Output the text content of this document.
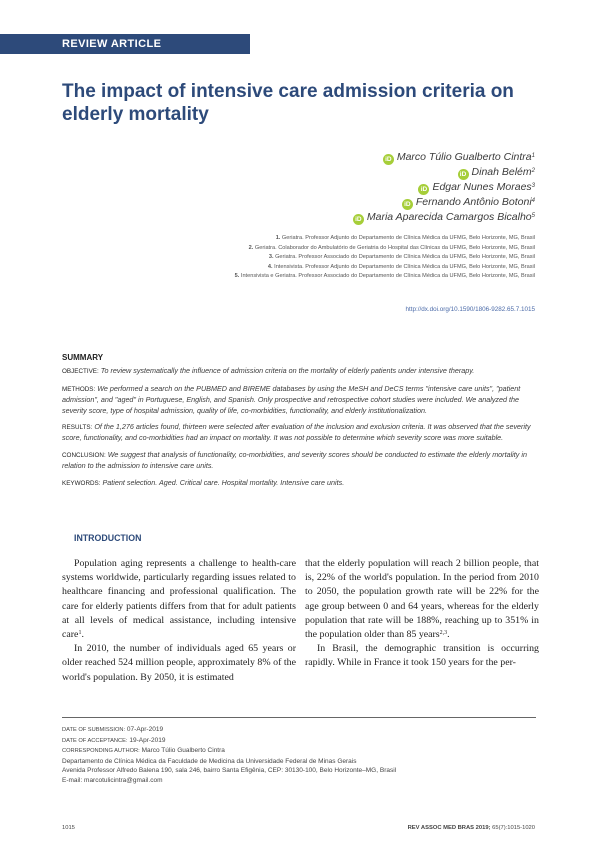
REVIEW ARTICLE
The impact of intensive care admission criteria on elderly mortality
iD Marco Túlio Gualberto Cintra$^1$
iD Dinah Belém$^2$
iD Edgar Nunes Moraes$^3$
iD Fernando Antônio Botoni$^4$
iD Maria Aparecida Camargos Bicalho$^5$
1. Geriatra. Professor Adjunto do Departamento de Clínica Médica da UFMG, Belo Horizonte, MG, Brasil
2. Geriatra. Colaborador do Ambulatório de Geriatria do Hospital das Clínicas da UFMG, Belo Horizonte, MG, Brasil
3. Geriatra. Professor Associado do Departamento de Clínica Médica da UFMG, Belo Horizonte, MG, Brasil
4. Intensivista. Professor Adjunto do Departamento de Clínica Médica da UFMG, Belo Horizonte, MG, Brasil
5. Intensivista e Geriatra. Professor Associado do Departamento de Clínica Médica da UFMG, Belo Horizonte, MG, Brasil
http://dx.doi.org/10.1590/1806-9282.65.7.1015
SUMMARY
OBJECTIVE: To review systematically the influence of admission criteria on the mortality of elderly patients under intensive therapy.
METHODS: We performed a search on the PUBMED and BIREME databases by using the MeSH and DeCS terms "intensive care units", "patient admission", and "aged" in Portuguese, English, and Spanish. Only prospective and retrospective cohort studies were included. We analyzed the severity score, type of hospital admission, quality of life, co-morbidities, functionality, and elderly institutionalization.
RESULTS: Of the 1,276 articles found, thirteen were selected after evaluation of the inclusion and exclusion criteria. It was observed that the severity score, functionality, and co-morbidities had an impact on mortality. It was not possible to determine which severity score was more suitable.
CONCLUSION: We suggest that analysis of functionality, co-morbidities, and severity scores should be conducted to estimate the elderly mortality in relation to the admission to intensive care units.
KEYWORDS: Patient selection. Aged. Critical care. Hospital mortality. Intensive care units.
INTRODUCTION

Population aging represents a challenge to health-care systems worldwide, particularly regarding issues related to healthcare financing and professional qualification. The care for elderly patients differs from that for adult patients at all levels of medical assistance, including intensive care$^1$.

In 2010, the number of individuals aged 65 years or older reached 524 million people, approximately 8% of the world's population. By 2050, it is estimated

that the elderly population will reach 2 billion people, that is, 22% of the world's population. In the period from 2010 to 2050, the population growth rate will be 22% for the age group between 0 and 64 years, whereas for the elderly population that rate will be 188%, reaching up to 351% in the population older than 85 years$^{2,3}$.

In Brasil, the demographic transition is occurring rapidly. While in France it took 150 years for the per-

DATE OF SUBMISSION: 07-Apr-2019
DATE OF ACCEPTANCE: 19-Apr-2019
CORRESPONDING AUTHOR: Marco Túlio Gualberto Cintra
Departamento de Clínica Médica da Faculdade de Medicina da Universidade Federal de Minas Gerais
Avenida Professor Alfredo Balena 190, sala 246, bairro Santa Efigênia, CEP: 30130-100, Belo Horizonte–MG, Brasil
E-mail: marcotulicintra@gmail.com
1015	REV ASSOC MED BRAS 2019; 65(7):1015-1020
